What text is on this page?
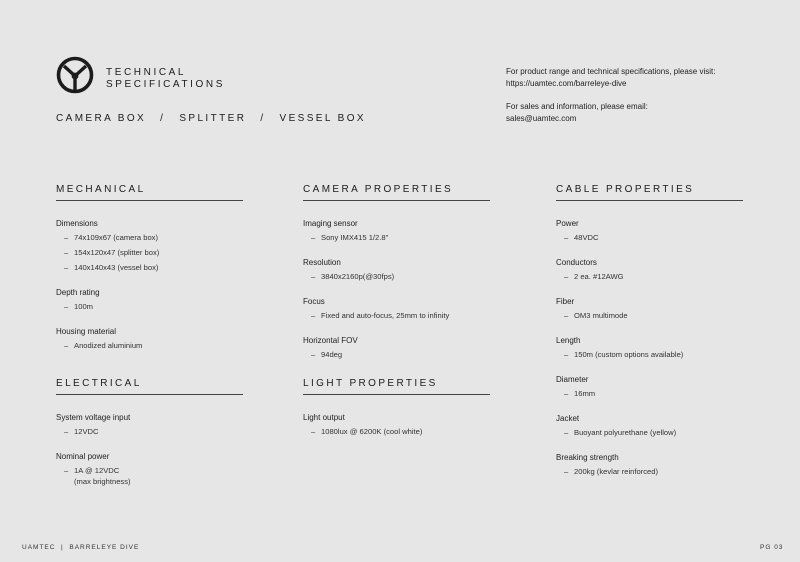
TECHNICAL
SPECIFICATIONS
CAMERA BOX / SPLITTER / VESSEL BOX
For product range and technical specifications, please visit:
https://uamtec.com/barreleye-dive
For sales and information, please email:
sales@uamtec.com
MECHANICAL
Dimensions
– 74x109x67 (camera box)
– 154x120x47 (splitter box)
– 140x140x43 (vessel box)
Depth rating
– 100m
Housing material
– Anodized aluminium
ELECTRICAL
System voltage input
– 12VDC
Nominal power
– 1A @ 12VDC
(max brightness)
CAMERA PROPERTIES
Imaging sensor
– Sony IMX415 1/2.8"
Resolution
– 3840x2160p(@30fps)
Focus
– Fixed and auto-focus, 25mm to infinity
Horizontal FOV
– 94deg
LIGHT PROPERTIES
Light output
– 1080lux @ 6200K (cool white)
CABLE PROPERTIES
Power
– 48VDC
Conductors
– 2 ea. #12AWG
Fiber
– OM3 multimode
Length
– 150m (custom options available)
Diameter
– 16mm
Jacket
– Buoyant polyurethane (yellow)
Breaking strength
– 200kg (kevlar reinforced)
UAMTEC  |  BARRELEYE DIVE	PG 03
